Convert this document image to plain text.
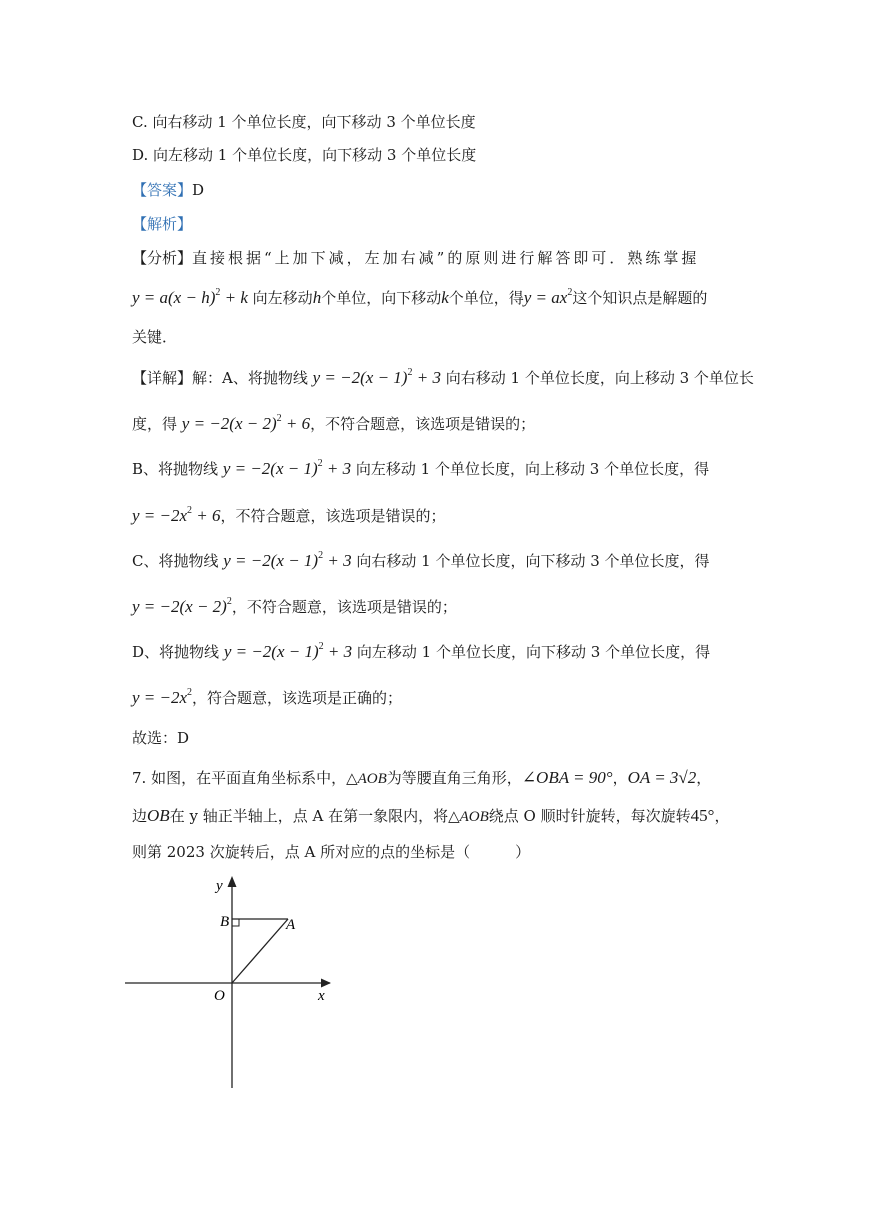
C. 向右移动 1 个单位长度，向下移动 3 个单位长度
D. 向左移动 1 个单位长度，向下移动 3 个单位长度
【答案】D
【解析】
【分析】直接根据“上加下减，左加右减”的原则进行解答即可．熟练掌握
$y = a(x - h)^2 + k$ 向左移动h个单位，向下移动k个单位，得$y = ax^2$这个知识点是解题的
关键．
【详解】解：A、将抛物线 $y = -2(x - 1)^2 + 3$ 向右移动 1 个单位长度，向上移动 3 个单位长
度，得 $y = -2(x - 2)^2 + 6$，不符合题意，该选项是错误的；
B、将抛物线 $y = -2(x - 1)^2 + 3$ 向左移动 1 个单位长度，向上移动 3 个单位长度，得
$y = -2x^2 + 6$，不符合题意，该选项是错误的；
C、将抛物线 $y = -2(x - 1)^2 + 3$ 向右移动 1 个单位长度，向下移动 3 个单位长度，得
$y = -2(x - 2)^2$，不符合题意，该选项是错误的；
D、将抛物线 $y = -2(x - 1)^2 + 3$ 向左移动 1 个单位长度，向下移动 3 个单位长度，得
$y = -2x^2$，符合题意，该选项是正确的；
故选：D
7. 如图，在平面直角坐标系中，△AOB为等腰直角三角形，∠OBA = 90°，OA = 3√2，
边OB在 y 轴正半轴上，点 A 在第一象限内，将△AOB绕点 O 顺时针旋转，每次旋转45°，
则第 2023 次旋转后，点 A 所对应的点的坐标是（　　　）
y
x
O
B	A
